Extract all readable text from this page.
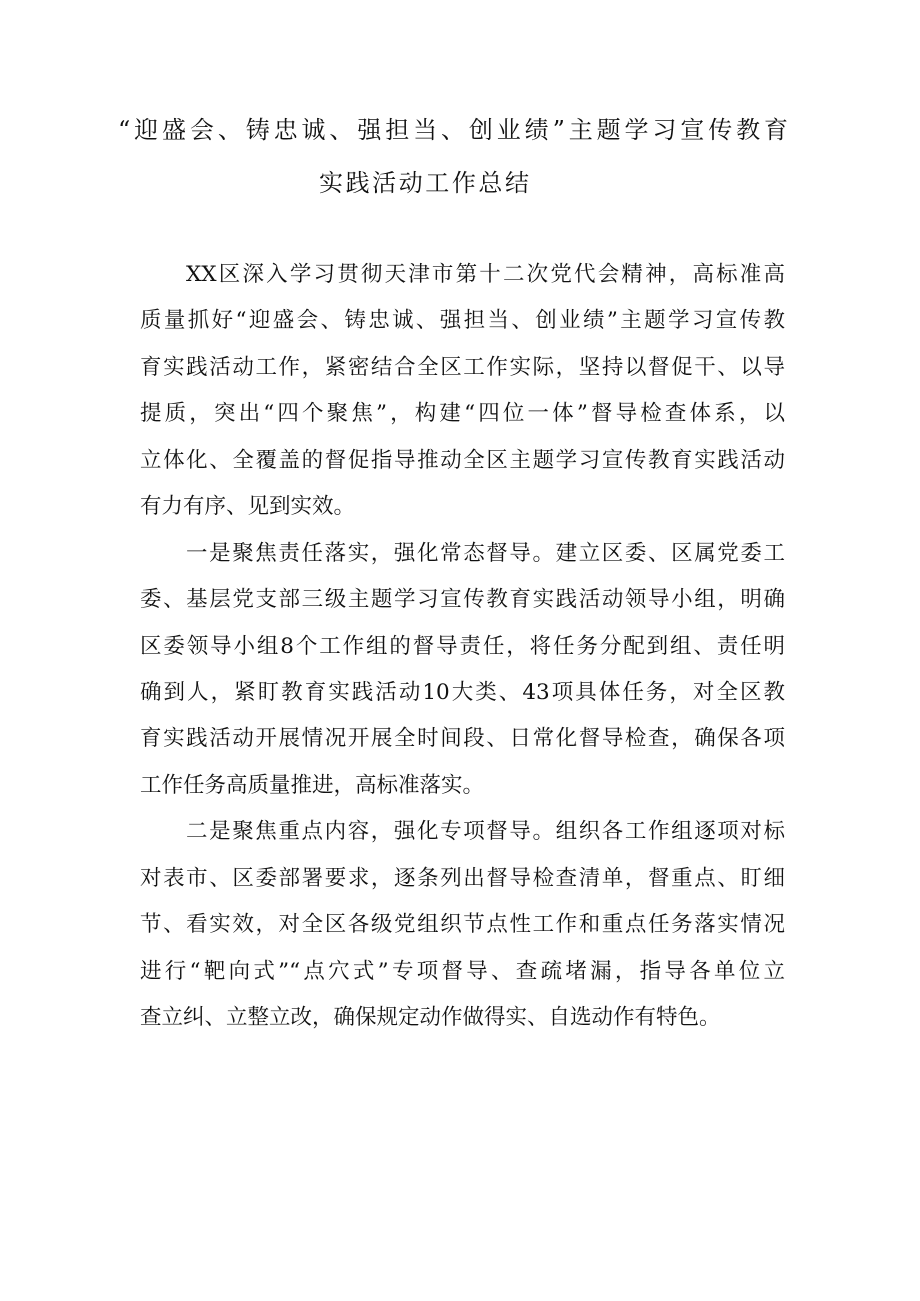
“迎盛会、铸忠诚、强担当、创业绩”主题学习宣传教育
实践活动工作总结
XX区深入学习贯彻天津市第十二次党代会精神，高标准高
质量抓好“迎盛会、铸忠诚、强担当、创业绩”主题学习宣传教
育实践活动工作，紧密结合全区工作实际，坚持以督促干、以导
提质，突出“四个聚焦”，构建“四位一体”督导检查体系，以
立体化、全覆盖的督促指导推动全区主题学习宣传教育实践活动
有力有序、见到实效。
一是聚焦责任落实，强化常态督导。建立区委、区属党委工
委、基层党支部三级主题学习宣传教育实践活动领导小组，明确
区委领导小组8个工作组的督导责任，将任务分配到组、责任明
确到人，紧盯教育实践活动10大类、43项具体任务，对全区教
育实践活动开展情况开展全时间段、日常化督导检查，确保各项
工作任务高质量推进，高标准落实。
二是聚焦重点内容，强化专项督导。组织各工作组逐项对标
对表市、区委部署要求，逐条列出督导检查清单，督重点、盯细
节、看实效，对全区各级党组织节点性工作和重点任务落实情况
进行“靶向式”“点穴式”专项督导、查疏堵漏，指导各单位立
查立纠、立整立改，确保规定动作做得实、自选动作有特色。
